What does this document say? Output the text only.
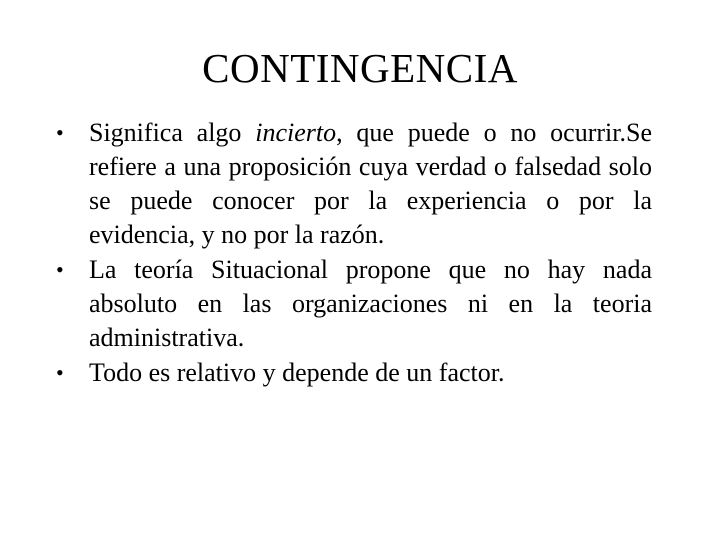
CONTINGENCIA
• Significa algo incierto, que puede o no ocurrir.Se refiere a una proposición cuya verdad o falsedad solo se puede conocer por la experiencia o por la evidencia, y no por la razón.
• La teoría Situacional propone que no hay nada absoluto en las organizaciones ni en la teoria administrativa.
• Todo es relativo y depende de un factor.
